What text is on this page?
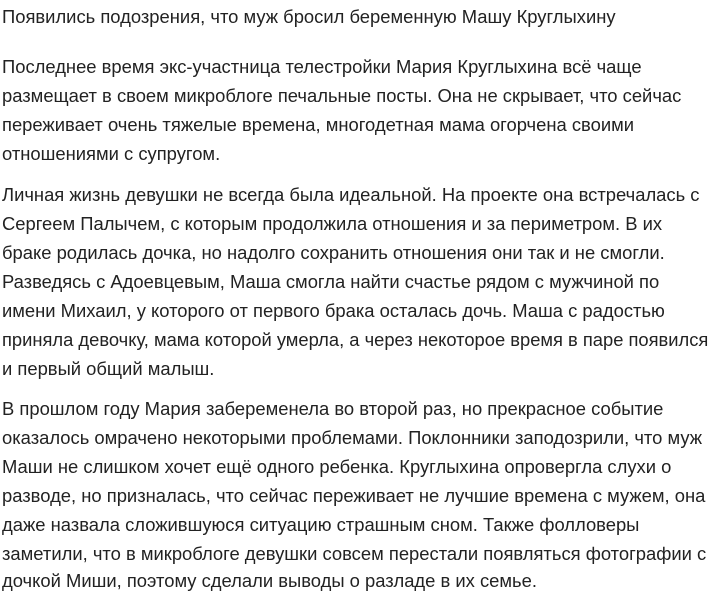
Появились подозрения, что муж бросил беременную Машу Круглыхину
Последнее время экс-участница телестройки Мария Круглыхина всё чаще
размещает в своем микроблоге печальные посты. Она не скрывает, что сейчас
переживает очень тяжелые времена, многодетная мама огорчена своими
отношениями с супругом.
Личная жизнь девушки не всегда была идеальной. На проекте она встречалась с
Сергеем Палычем, с которым продолжила отношения и за периметром. В их
браке родилась дочка, но надолго сохранить отношения они так и не смогли.
Разведясь с Адоевцевым, Маша смогла найти счастье рядом с мужчиной по
имени Михаил, у которого от первого брака осталась дочь. Маша с радостью
приняла девочку, мама которой умерла, а через некоторое время в паре появился
и первый общий малыш.
В прошлом году Мария забеременела во второй раз, но прекрасное событие
оказалось омрачено некоторыми проблемами. Поклонники заподозрили, что муж
Маши не слишком хочет ещё одного ребенка. Круглыхина опровергла слухи о
разводе, но призналась, что сейчас переживает не лучшие времена с мужем, она
даже назвала сложившуюся ситуацию страшным сном. Также фолловеры
заметили, что в микроблоге девушки совсем перестали появляться фотографии с
дочкой Миши, поэтому сделали выводы о разладе в их семье.
